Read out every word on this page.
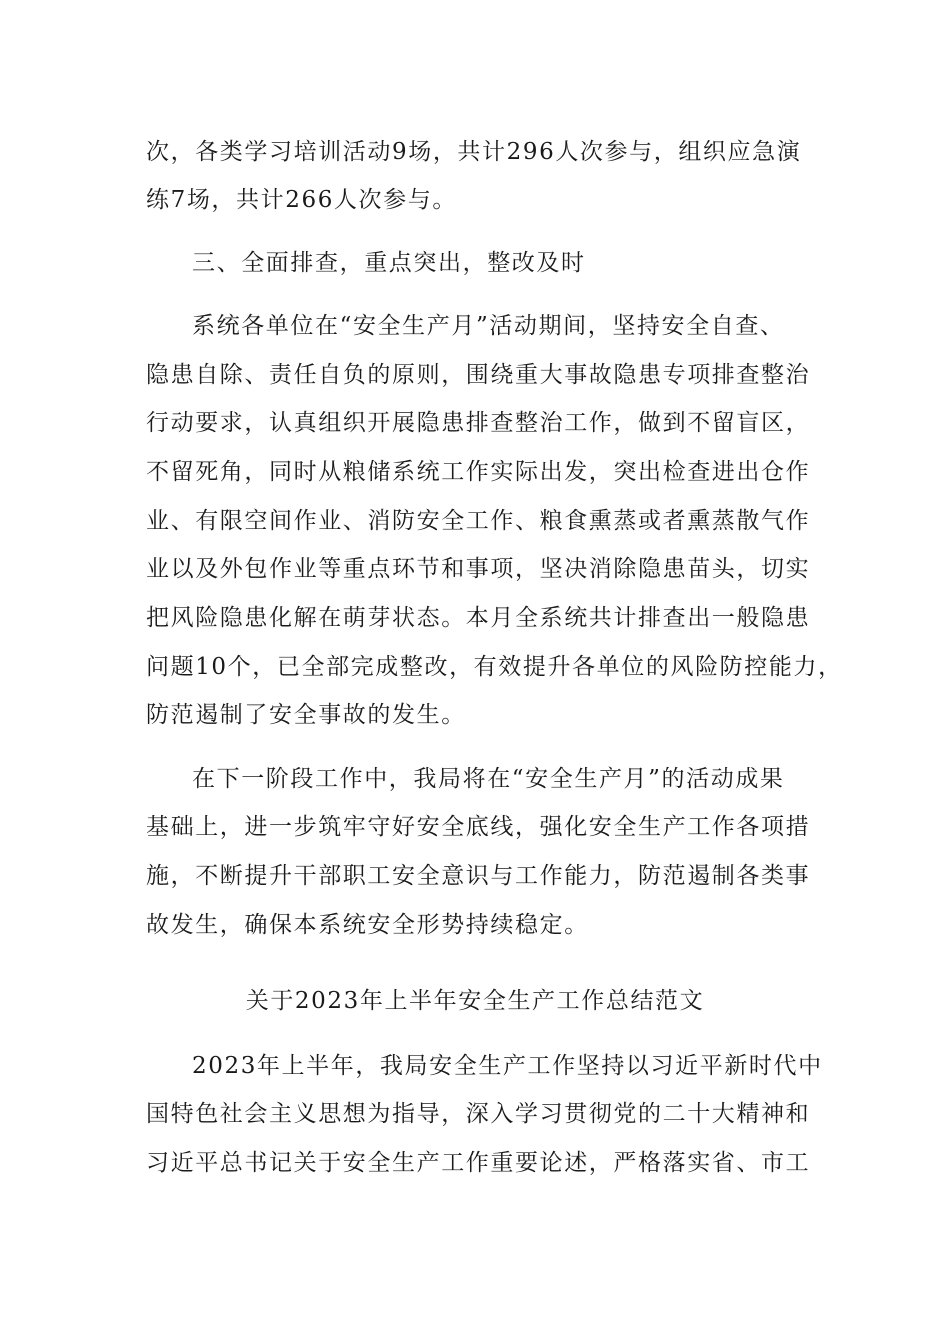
次，各类学习培训活动9场，共计296人次参与，组织应急演
练7场，共计266人次参与。
三、全面排查，重点突出，整改及时
系统各单位在“安全生产月”活动期间，坚持安全自查、
隐患自除、责任自负的原则，围绕重大事故隐患专项排查整治
行动要求，认真组织开展隐患排查整治工作，做到不留盲区，
不留死角，同时从粮储系统工作实际出发，突出检查进出仓作
业、有限空间作业、消防安全工作、粮食熏蒸或者熏蒸散气作
业以及外包作业等重点环节和事项，坚决消除隐患苗头，切实
把风险隐患化解在萌芽状态。本月全系统共计排查出一般隐患
问题10个，已全部完成整改，有效提升各单位的风险防控能力，
防范遏制了安全事故的发生。
在下一阶段工作中，我局将在“安全生产月”的活动成果
基础上，进一步筑牢守好安全底线，强化安全生产工作各项措
施，不断提升干部职工安全意识与工作能力，防范遏制各类事
故发生，确保本系统安全形势持续稳定。
关于2023年上半年安全生产工作总结范文
2023年上半年，我局安全生产工作坚持以习近平新时代中
国特色社会主义思想为指导，深入学习贯彻党的二十大精神和
习近平总书记关于安全生产工作重要论述，严格落实省、市工
